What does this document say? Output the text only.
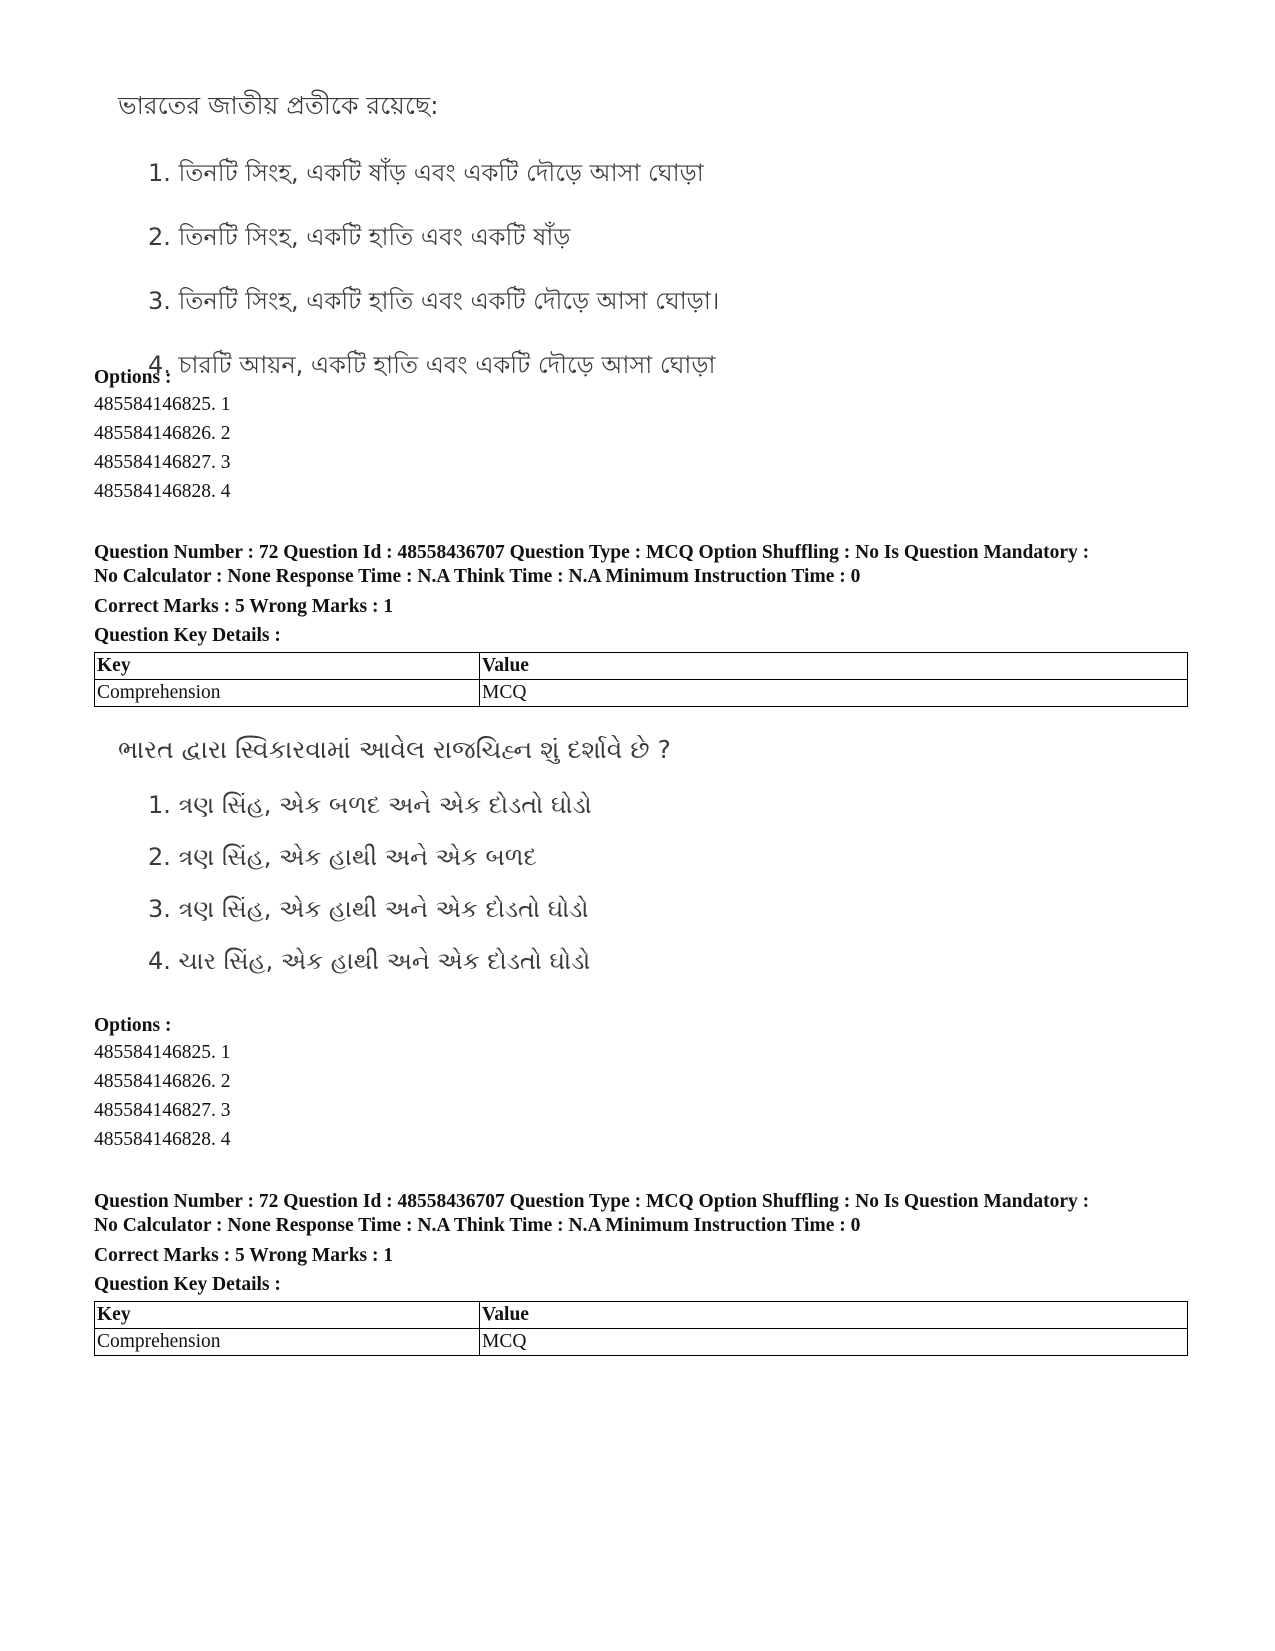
ভারতের জাতীয় প্রতীকে রয়েছে:
1. তিনটি সিংহ, একটি ষাঁড় এবং একটি দৌড়ে আসা ঘোড়া
2. তিনটি সিংহ, একটি হাতি এবং একটি ষাঁড়
3. তিনটি সিংহ, একটি হাতি এবং একটি দৌড়ে আসা ঘোড়া।
4. চারটি আয়ন, একটি হাতি এবং একটি দৌড়ে আসা ঘোড়া
Options :
485584146825. 1
485584146826. 2
485584146827. 3
485584146828. 4
Question Number : 72 Question Id : 48558436707 Question Type : MCQ Option Shuffling : No Is Question Mandatory :
No Calculator : None Response Time : N.A Think Time : N.A Minimum Instruction Time : 0
Correct Marks : 5 Wrong Marks : 1
Question Key Details :
Key	Value
Comprehension	MCQ
ભારત દ્વારા સ્વિકારવામાં આવેલ રાજચિહ્ન શું દર્શાવે છે ?
1. ત્રણ સિંહ, એક બળદ અને એક દોડતો ઘોડો
2. ત્રણ સિંહ, એક હાથી અને એક બળદ
3. ત્રણ સિંહ, એક હાથી અને એક દોડતો ઘોડો
4. ચાર સિંહ, એક હાથી અને એક દોડતો ઘોડો
Options :
485584146825. 1
485584146826. 2
485584146827. 3
485584146828. 4
Question Number : 72 Question Id : 48558436707 Question Type : MCQ Option Shuffling : No Is Question Mandatory :
No Calculator : None Response Time : N.A Think Time : N.A Minimum Instruction Time : 0
Correct Marks : 5 Wrong Marks : 1
Question Key Details :
Key	Value
Comprehension	MCQ
